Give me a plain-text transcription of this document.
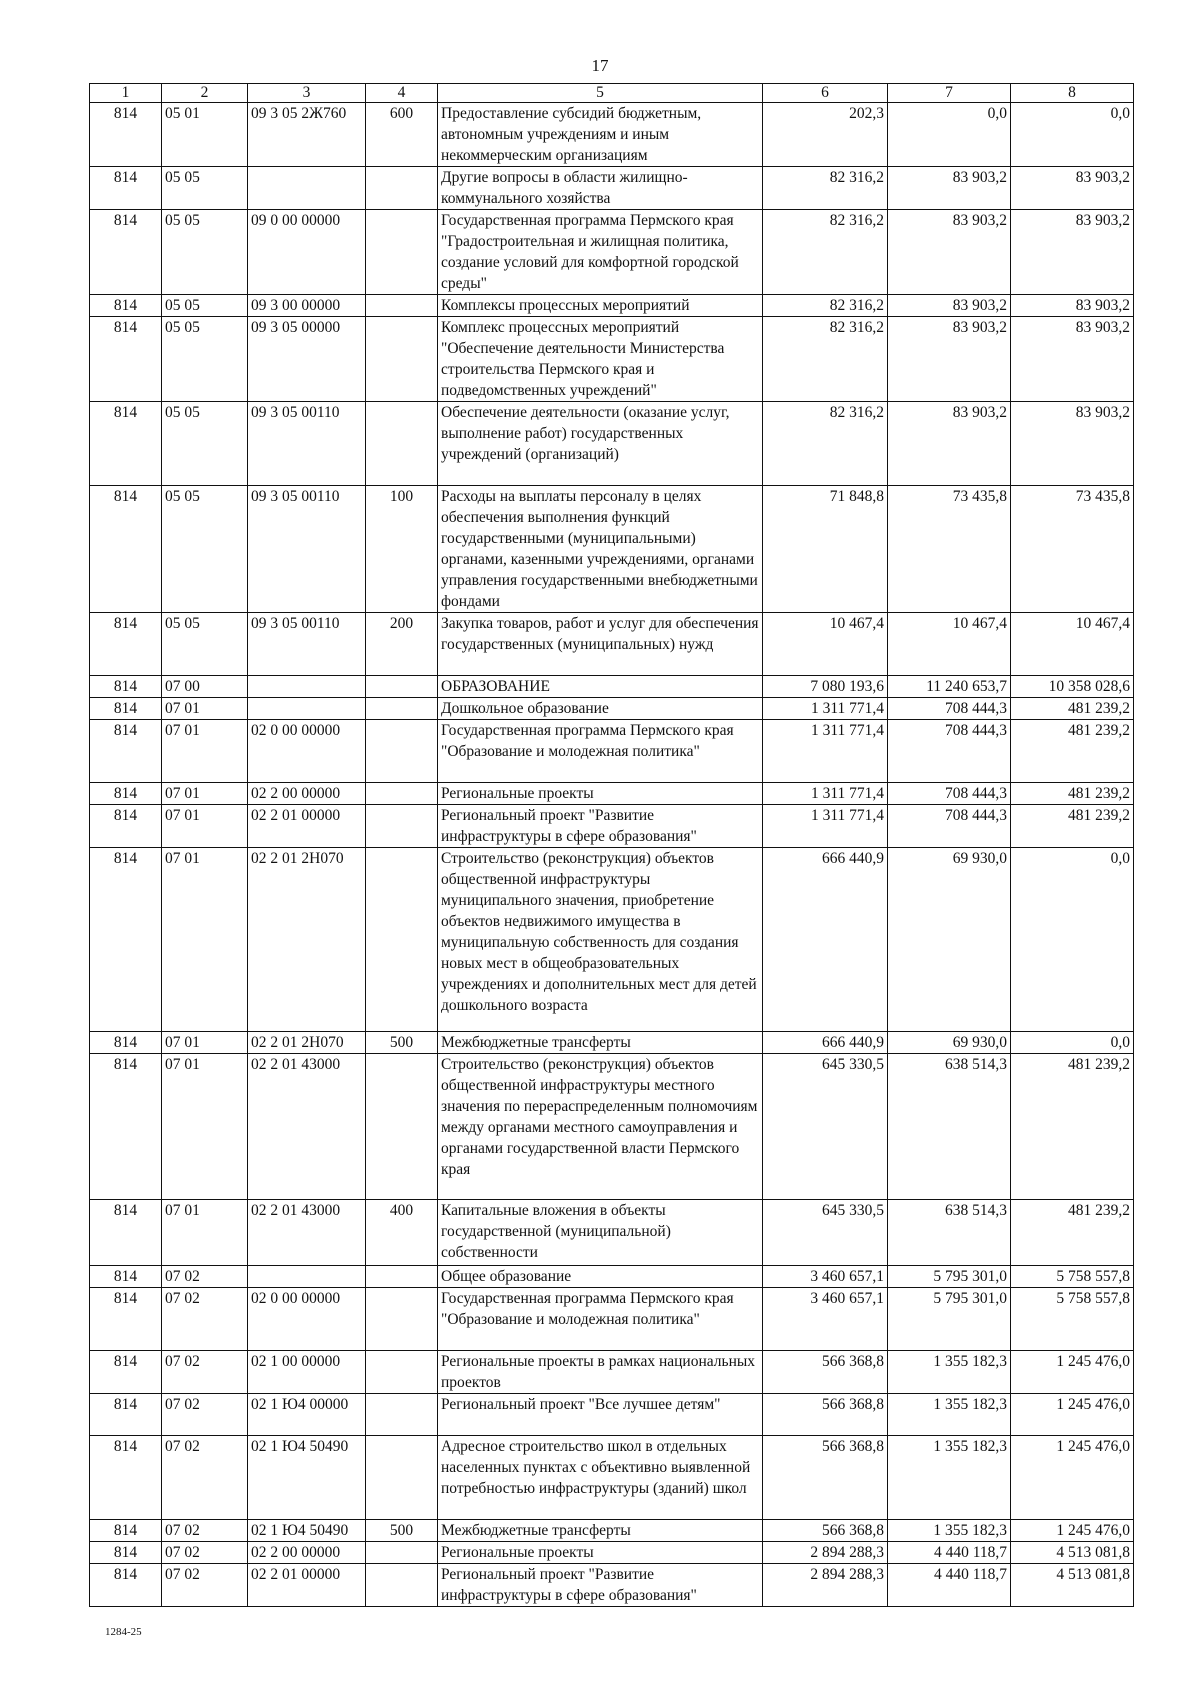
17
1	2	3	4	5	6	7	8
814	05 01	09 3 05 2Ж760	600	Предоставление субсидий бюджетным, автономным учреждениям и иным некоммерческим организациям	202,3	0,0	0,0
814	05 05			Другие вопросы в области жилищно-коммунального хозяйства	82 316,2	83 903,2	83 903,2
814	05 05	09 0 00 00000		Государственная программа Пермского края "Градостроительная и жилищная политика, создание условий для комфортной городской среды"	82 316,2	83 903,2	83 903,2
814	05 05	09 3 00 00000		Комплексы процессных мероприятий	82 316,2	83 903,2	83 903,2
814	05 05	09 3 05 00000		Комплекс процессных мероприятий "Обеспечение деятельности Министерства строительства Пермского края и подведомственных учреждений"	82 316,2	83 903,2	83 903,2
814	05 05	09 3 05 00110		Обеспечение деятельности (оказание услуг, выполнение работ) государственных учреждений (организаций)	82 316,2	83 903,2	83 903,2
814	05 05	09 3 05 00110	100	Расходы на выплаты персоналу в целях обеспечения выполнения функций государственными (муниципальными) органами, казенными учреждениями, органами управления государственными внебюджетными фондами	71 848,8	73 435,8	73 435,8
814	05 05	09 3 05 00110	200	Закупка товаров, работ и услуг для обеспечения государственных (муниципальных) нужд	10 467,4	10 467,4	10 467,4
814	07 00			ОБРАЗОВАНИЕ	7 080 193,6	11 240 653,7	10 358 028,6
814	07 01			Дошкольное образование	1 311 771,4	708 444,3	481 239,2
814	07 01	02 0 00 00000		Государственная программа Пермского края "Образование и молодежная политика"	1 311 771,4	708 444,3	481 239,2
814	07 01	02 2 00 00000		Региональные проекты	1 311 771,4	708 444,3	481 239,2
814	07 01	02 2 01 00000		Региональный проект "Развитие инфраструктуры в сфере образования"	1 311 771,4	708 444,3	481 239,2
814	07 01	02 2 01 2Н070		Строительство (реконструкция) объектов общественной инфраструктуры муниципального значения, приобретение объектов недвижимого имущества в муниципальную собственность для создания новых мест в общеобразовательных учреждениях и дополнительных мест для детей дошкольного возраста	666 440,9	69 930,0	0,0
814	07 01	02 2 01 2Н070	500	Межбюджетные трансферты	666 440,9	69 930,0	0,0
814	07 01	02 2 01 43000		Строительство (реконструкция) объектов общественной инфраструктуры местного значения по перераспределенным полномочиям между органами местного самоуправления и органами государственной власти Пермского края	645 330,5	638 514,3	481 239,2
814	07 01	02 2 01 43000	400	Капитальные вложения в объекты государственной (муниципальной) собственности	645 330,5	638 514,3	481 239,2
814	07 02			Общее образование	3 460 657,1	5 795 301,0	5 758 557,8
814	07 02	02 0 00 00000		Государственная программа Пермского края "Образование и молодежная политика"	3 460 657,1	5 795 301,0	5 758 557,8
814	07 02	02 1 00 00000		Региональные проекты в рамках национальных проектов	566 368,8	1 355 182,3	1 245 476,0
814	07 02	02 1 Ю4 00000		Региональный проект "Все лучшее детям"	566 368,8	1 355 182,3	1 245 476,0
814	07 02	02 1 Ю4 50490		Адресное строительство школ в отдельных населенных пунктах с объективно выявленной потребностью инфраструктуры (зданий) школ	566 368,8	1 355 182,3	1 245 476,0
814	07 02	02 1 Ю4 50490	500	Межбюджетные трансферты	566 368,8	1 355 182,3	1 245 476,0
814	07 02	02 2 00 00000		Региональные проекты	2 894 288,3	4 440 118,7	4 513 081,8
814	07 02	02 2 01 00000		Региональный проект "Развитие инфраструктуры в сфере образования"	2 894 288,3	4 440 118,7	4 513 081,8
1284-25
